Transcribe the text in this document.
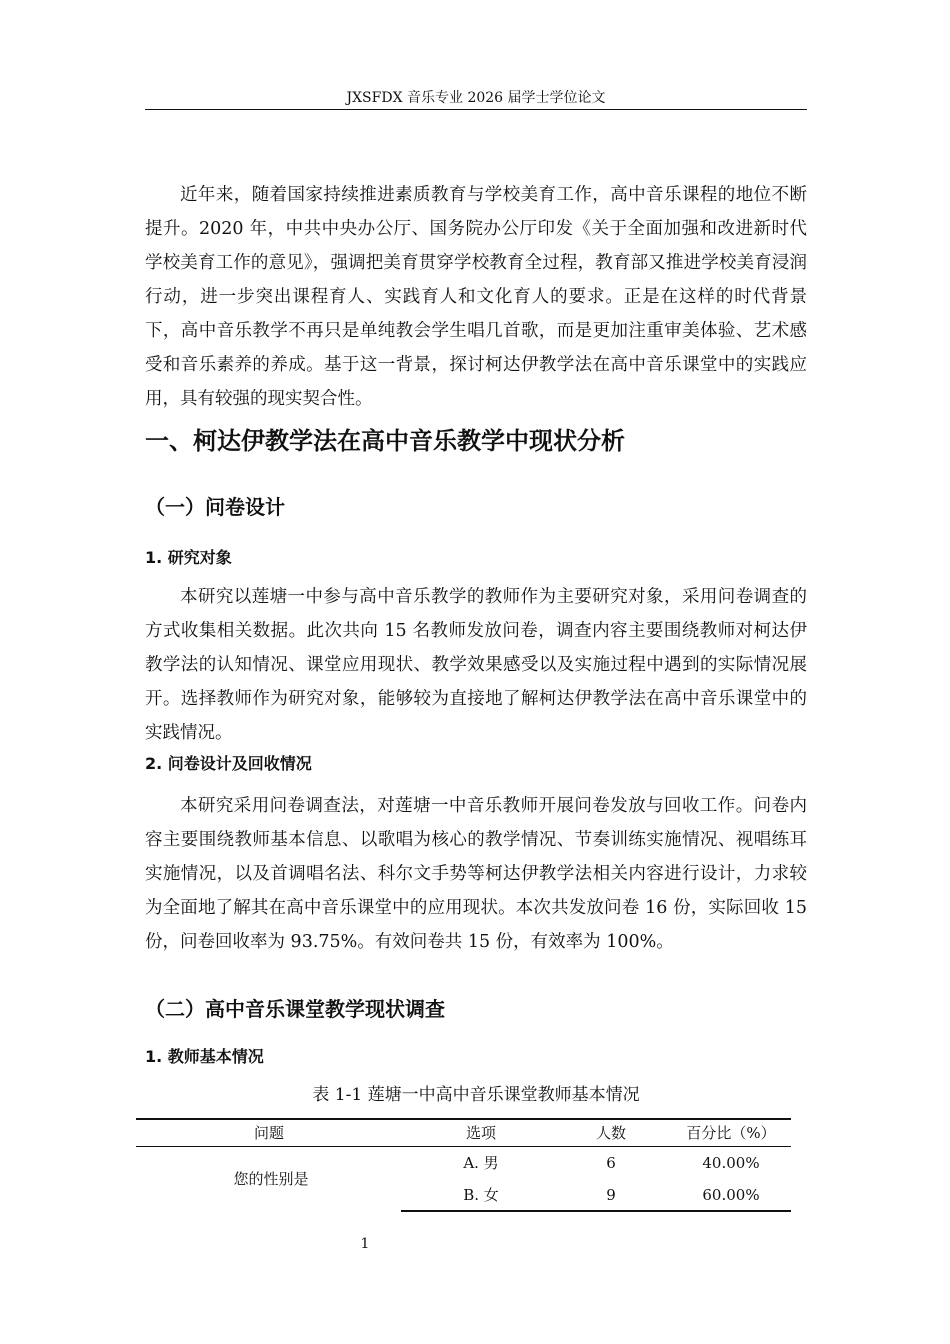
JXSFDX 音乐专业 2026 届学士学位论文

近年来，随着国家持续推进素质教育与学校美育工作，高中音乐课程的地位不断提升。2020 年，中共中央办公厅、国务院办公厅印发《关于全面加强和改进新时代学校美育工作的意见》，强调把美育贯穿学校教育全过程，教育部又推进学校美育浸润行动，进一步突出课程育人、实践育人和文化育人的要求。正是在这样的时代背景下，高中音乐教学不再只是单纯教会学生唱几首歌，而是更加注重审美体验、艺术感受和音乐素养的养成。基于这一背景，探讨柯达伊教学法在高中音乐课堂中的实践应用，具有较强的现实契合性。

一、柯达伊教学法在高中音乐教学中现状分析
（一）问卷设计
1. 研究对象

本研究以莲塘一中参与高中音乐教学的教师作为主要研究对象，采用问卷调查的方式收集相关数据。此次共向 15 名教师发放问卷，调查内容主要围绕教师对柯达伊教学法的认知情况、课堂应用现状、教学效果感受以及实施过程中遇到的实际情况展开。选择教师作为研究对象，能够较为直接地了解柯达伊教学法在高中音乐课堂中的实践情况。

2. 问卷设计及回收情况

本研究采用问卷调查法，对莲塘一中音乐教师开展问卷发放与回收工作。问卷内容主要围绕教师基本信息、以歌唱为核心的教学情况、节奏训练实施情况、视唱练耳实施情况，以及首调唱名法、科尔文手势等柯达伊教学法相关内容进行设计，力求较为全面地了解其在高中音乐课堂中的应用现状。本次共发放问卷 16 份，实际回收 15 份，问卷回收率为 93.75%。有效问卷共 15 份，有效率为 100%。

（二）高中音乐课堂教学现状调查
1. 教师基本情况
表 1-1 莲塘一中高中音乐课堂教师基本情况
问题	选项	人数	百分比（%）
您的性别是
A. 男	6	40.00%
B. 女	9	60.00%
1
